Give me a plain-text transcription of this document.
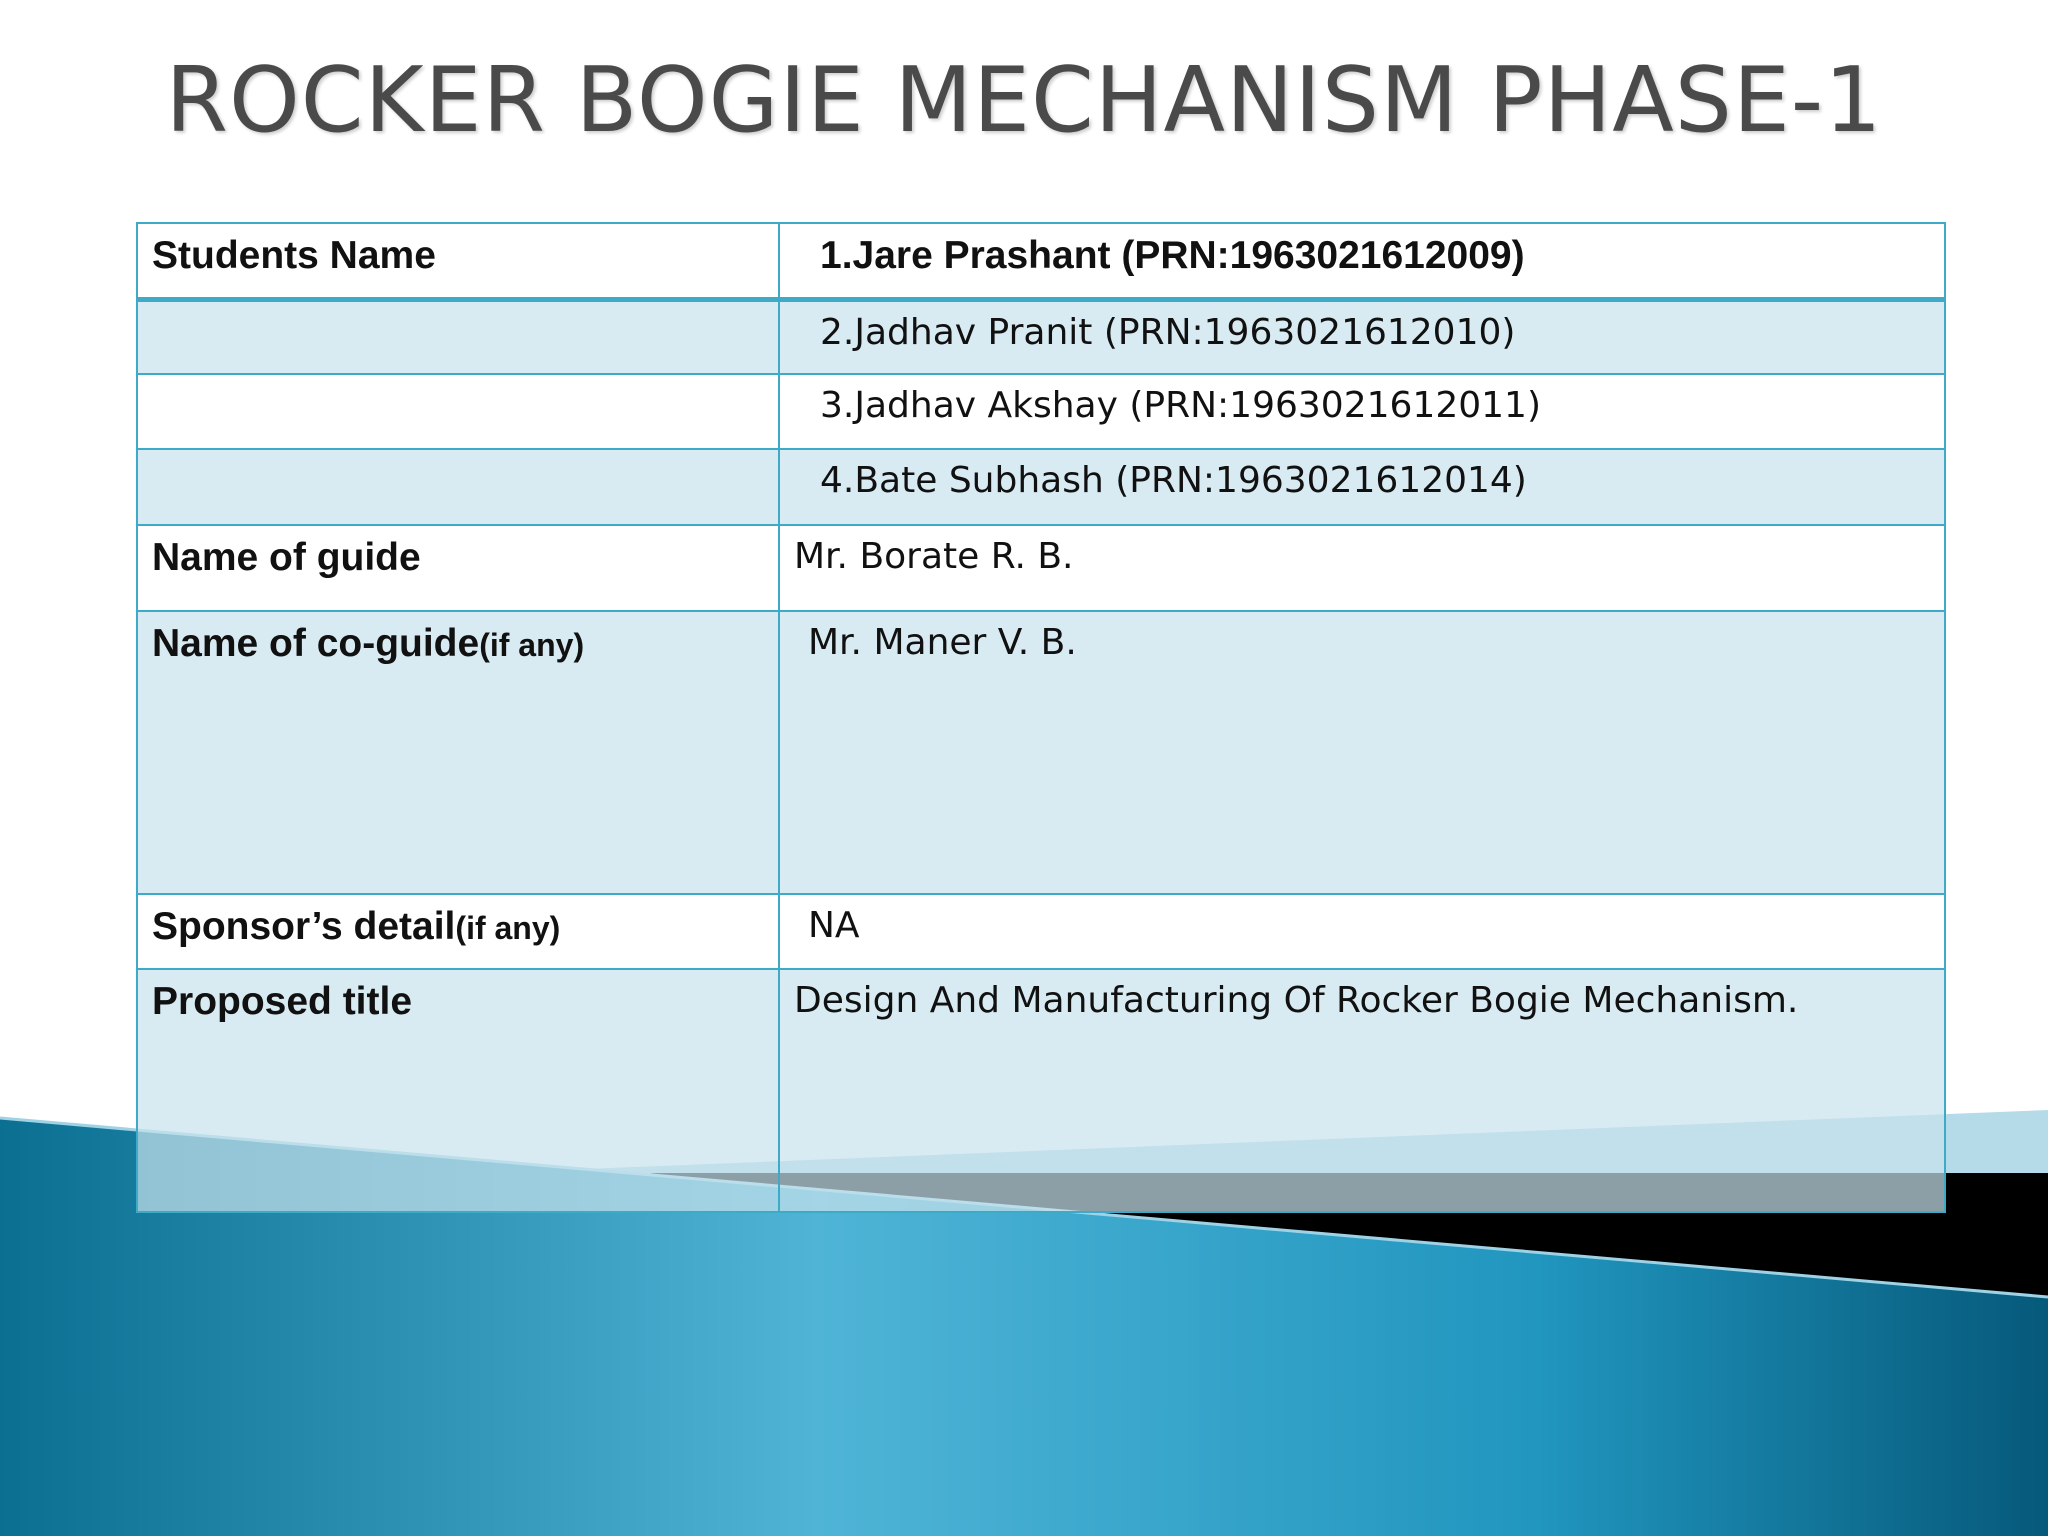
ROCKER BOGIE MECHANISM PHASE-1
Students Name	1.Jare Prashant (PRN:1963021612009)
	2.Jadhav Pranit (PRN:1963021612010)
	3.Jadhav Akshay (PRN:1963021612011)
	4.Bate Subhash (PRN:1963021612014)
Name of guide	Mr. Borate R. B.
Name of co-guide(if any)	Mr. Maner V. B.
Sponsor’s detail(if any)	NA
Proposed title	Design And Manufacturing Of Rocker Bogie Mechanism.
